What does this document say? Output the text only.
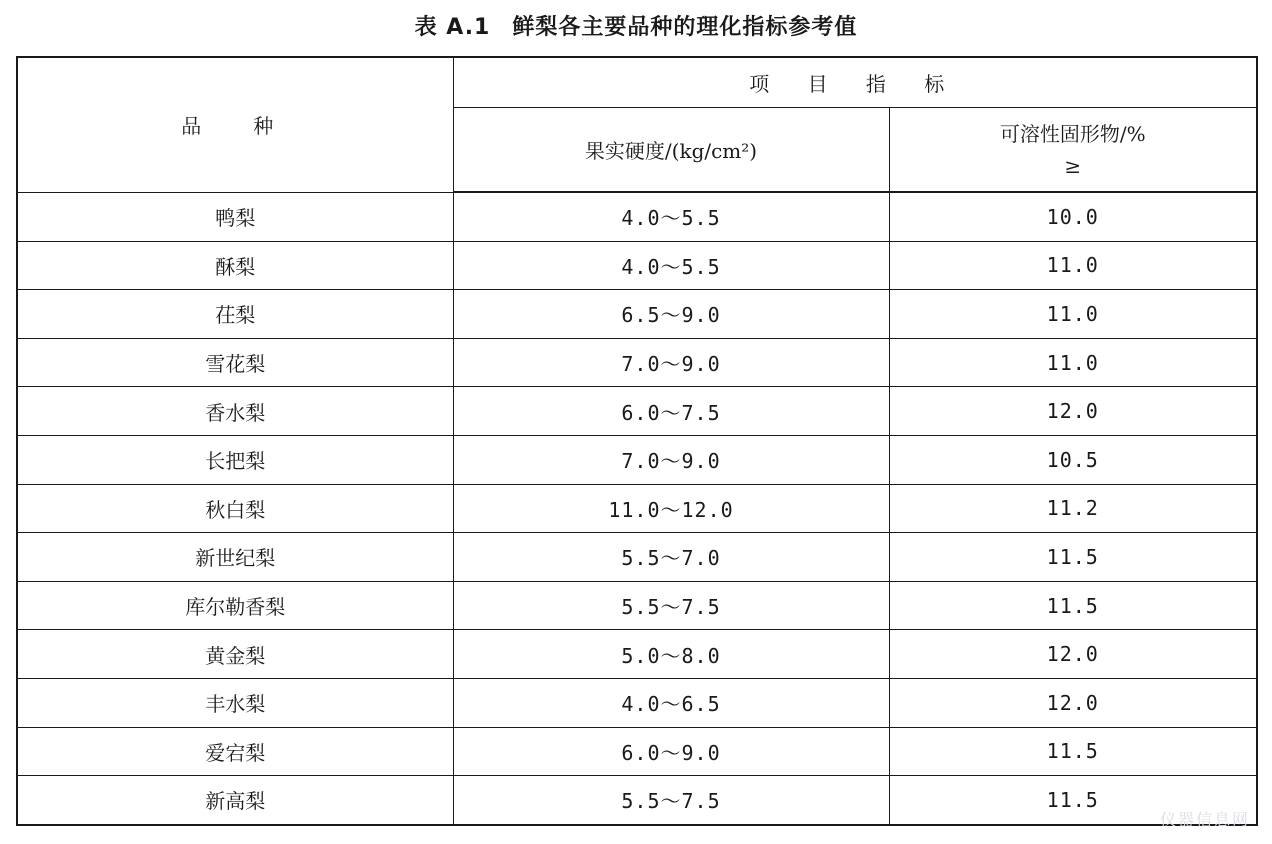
表 A.1 鲜梨各主要品种的理化指标参考值
品　种	项 目 指 标	
	果实硬度/(kg/cm²)	可溶性固形物/%
≥

鸭梨	4.0～5.5	10.0
酥梨	4.0～5.5	11.0
茌梨	6.5～9.0	11.0
雪花梨	7.0～9.0	11.0
香水梨	6.0～7.5	12.0
长把梨	7.0～9.0	10.5
秋白梨	11.0～12.0	11.2
新世纪梨	5.5～7.0	11.5
库尔勒香梨	5.5～7.5	11.5
黄金梨	5.0～8.0	12.0
丰水梨	4.0～6.5	12.0
爱宕梨	6.0～9.0	11.5
新高梨	5.5～7.5	11.5
仪器信息网
